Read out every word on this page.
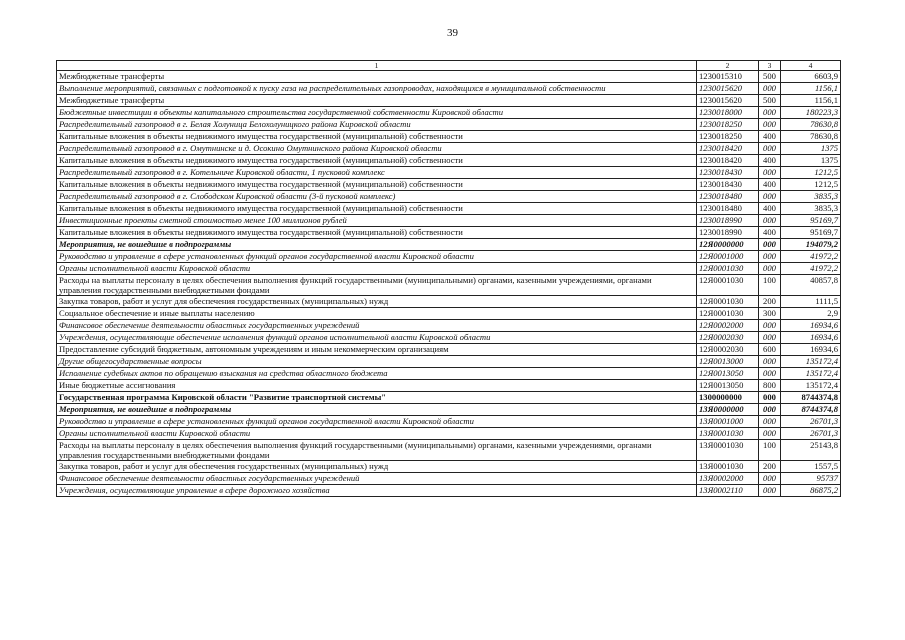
39
1	2	3	4
Межбюджетные трансферты	1230015310	500	6603,9
Выполнение мероприятий, связанных с подготовкой к пуску газа на распределительных газопроводах, находящихся в муниципальной собственности	1230015620	000	1156,1
Межбюджетные трансферты	1230015620	500	1156,1
Бюджетные инвестиции в объекты капитального строительства государственной собственности Кировской области	1230018000	000	180223,3
Распределительный газопровод в г. Белая Холуница Белохолуницкого района Кировской области	1230018250	000	78630,8
Капитальные вложения в объекты недвижимого имущества государственной (муниципальной) собственности	1230018250	400	78630,8
Распределительный газопровод в г. Омутнинске и д. Осокино Омутнинского района Кировской области	1230018420	000	1375
Капитальные вложения в объекты недвижимого имущества государственной (муниципальной) собственности	1230018420	400	1375
Распределительный газопровод в г. Котельниче Кировской области, 1 пусковой комплекс	1230018430	000	1212,5
Капитальные вложения в объекты недвижимого имущества государственной (муниципальной) собственности	1230018430	400	1212,5
Распределительный газопровод в г. Слободском Кировской области (3-й пусковой комплекс)	1230018480	000	3835,3
Капитальные вложения в объекты недвижимого имущества государственной (муниципальной) собственности	1230018480	400	3835,3
Инвестиционные проекты сметной стоимостью менее 100 миллионов рублей	1230018990	000	95169,7
Капитальные вложения в объекты недвижимого имущества государственной (муниципальной) собственности	1230018990	400	95169,7
Мероприятия, не вошедшие в подпрограммы	12Я0000000	000	194079,2
Руководство и управление в сфере установленных функций органов государственной власти Кировской области	12Я0001000	000	41972,2
Органы исполнительной власти Кировской области	12Я0001030	000	41972,2
Расходы на выплаты персоналу в целях обеспечения выполнения функций государственными (муниципальными) органами, казенными учреждениями, органами управления государственными внебюджетными фондами	12Я0001030	100	40857,8
Закупка товаров, работ и услуг для обеспечения государственных (муниципальных) нужд	12Я0001030	200	1111,5
Социальное обеспечение и иные выплаты населению	12Я0001030	300	2,9
Финансовое обеспечение деятельности областных государственных учреждений	12Я0002000	000	16934,6
Учреждения, осуществляющие обеспечение исполнения функций органов исполнительной власти Кировской области	12Я0002030	000	16934,6
Предоставление субсидий бюджетным, автономным учреждениям и иным некоммерческим организациям	12Я0002030	600	16934,6
Другие общегосударственные вопросы	12Я0013000	000	135172,4
Исполнение судебных актов по обращению взыскания на средства областного бюджета	12Я0013050	000	135172,4
Иные бюджетные ассигнования	12Я0013050	800	135172,4
Государственная программа Кировской области "Развитие транспортной системы"	1300000000	000	8744374,8
Мероприятия, не вошедшие в подпрограммы	13Я0000000	000	8744374,8
Руководство и управление в сфере установленных функций органов государственной власти Кировской области	13Я0001000	000	26701,3
Органы исполнительной власти Кировской области	13Я0001030	000	26701,3
Расходы на выплаты персоналу в целях обеспечения выполнения функций государственными (муниципальными) органами, казенными учреждениями, органами управления государственными внебюджетными фондами	13Я0001030	100	25143,8
Закупка товаров, работ и услуг для обеспечения государственных (муниципальных) нужд	13Я0001030	200	1557,5
Финансовое обеспечение деятельности областных государственных учреждений	13Я0002000	000	95737
Учреждения, осуществляющие управление в сфере дорожного хозяйства	13Я0002110	000	86875,2
